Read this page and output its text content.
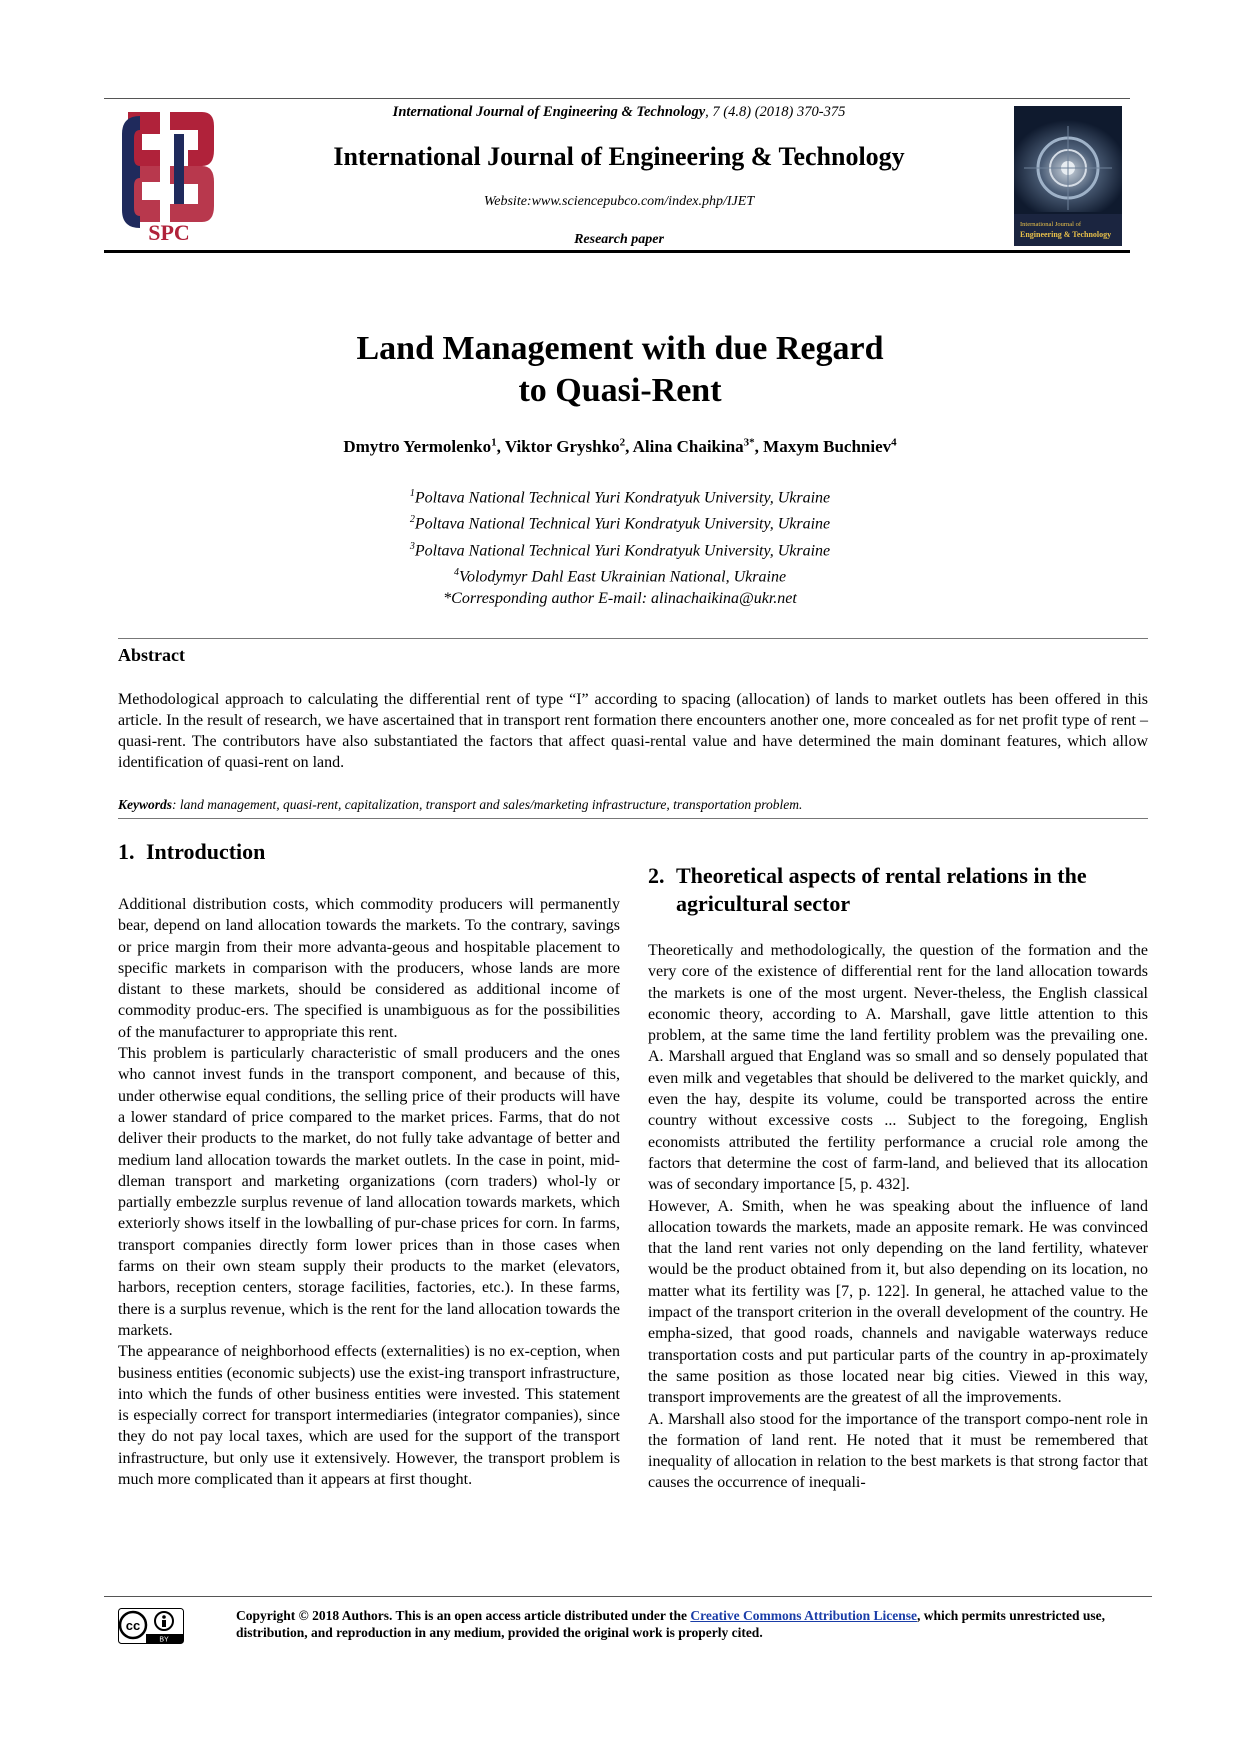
SPC
International Journal of Engineering & Technology, 7 (4.8) (2018) 370-375
International Journal of Engineering & Technology
Website:www.sciencepubco.com/index.php/IJET
Research paper
International Journal of
Engineering & Technology
Land Management with due Regard
to Quasi-Rent
Dmytro Yermolenko$^1$, Viktor Gryshko$^2$, Alina Chaikina$^{3*}$, Maxym Buchniev$^4$
$^1$Poltava National Technical Yuri Kondratyuk University, Ukraine
$^2$Poltava National Technical Yuri Kondratyuk University, Ukraine
$^3$Poltava National Technical Yuri Kondratyuk University, Ukraine
$^4$Volodymyr Dahl East Ukrainian National, Ukraine
*Corresponding author E-mail: alinachaikina@ukr.net
Abstract
Methodological approach to calculating the differential rent of type “I” according to spacing (allocation) of lands to market outlets has been offered in this article. In the result of research, we have ascertained that in transport rent formation there encounters another one, more concealed as for net profit type of rent – quasi-rent. The contributors have also substantiated the factors that affect quasi-rental value and have determined the main dominant features, which allow identification of quasi-rent on land.
Keywords: land management, quasi-rent, capitalization, transport and sales/marketing infrastructure, transportation problem.
1. Introduction

Additional distribution costs, which commodity producers will permanently bear, depend on land allocation towards the markets. To the contrary, savings or price margin from their more advanta-geous and hospitable placement to specific markets in comparison with the producers, whose lands are more distant to these markets, should be considered as additional income of commodity produc-ers. The specified is unambiguous as for the possibilities of the manufacturer to appropriate this rent.

This problem is particularly characteristic of small producers and the ones who cannot invest funds in the transport component, and because of this, under otherwise equal conditions, the selling price of their products will have a lower standard of price compared to the market prices. Farms, that do not deliver their products to the market, do not fully take advantage of better and medium land allocation towards the market outlets. In the case in point, mid-dleman transport and marketing organizations (corn traders) whol-ly or partially embezzle surplus revenue of land allocation towards markets, which exteriorly shows itself in the lowballing of pur-chase prices for corn. In farms, transport companies directly form lower prices than in those cases when farms on their own steam supply their products to the market (elevators, harbors, reception centers, storage facilities, factories, etc.). In these farms, there is a surplus revenue, which is the rent for the land allocation towards the markets.

The appearance of neighborhood effects (externalities) is no ex-ception, when business entities (economic subjects) use the exist-ing transport infrastructure, into which the funds of other business entities were invested. This statement is especially correct for transport intermediaries (integrator companies), since they do not pay local taxes, which are used for the support of the transport infrastructure, but only use it extensively. However, the transport problem is much more complicated than it appears at first thought.

2. Theoretical aspects of rental relations in the agricultural sector

Theoretically and methodologically, the question of the formation and the very core of the existence of differential rent for the land allocation towards the markets is one of the most urgent. Never-theless, the English classical economic theory, according to A. Marshall, gave little attention to this problem, at the same time the land fertility problem was the prevailing one. A. Marshall argued that England was so small and so densely populated that even milk and vegetables that should be delivered to the market quickly, and even the hay, despite its volume, could be transported across the entire country without excessive costs ... Subject to the foregoing, English economists attributed the fertility performance a crucial role among the factors that determine the cost of farm-land, and believed that its allocation was of secondary importance [5, p. 432].

However, A. Smith, when he was speaking about the influence of land allocation towards the markets, made an apposite remark. He was convinced that the land rent varies not only depending on the land fertility, whatever would be the product obtained from it, but also depending on its location, no matter what its fertility was [7, p. 122]. In general, he attached value to the impact of the transport criterion in the overall development of the country. He empha-sized, that good roads, channels and navigable waterways reduce transportation costs and put particular parts of the country in ap-proximately the same position as those located near big cities. Viewed in this way, transport improvements are the greatest of all the improvements.

A. Marshall also stood for the importance of the transport compo-nent role in the formation of land rent. He noted that it must be remembered that inequality of allocation in relation to the best markets is that strong factor that causes the occurrence of inequali-

cc
BY
Copyright © 2018 Authors. This is an open access article distributed under the Creative Commons Attribution License, which permits unrestricted use, distribution, and reproduction in any medium, provided the original work is properly cited.
